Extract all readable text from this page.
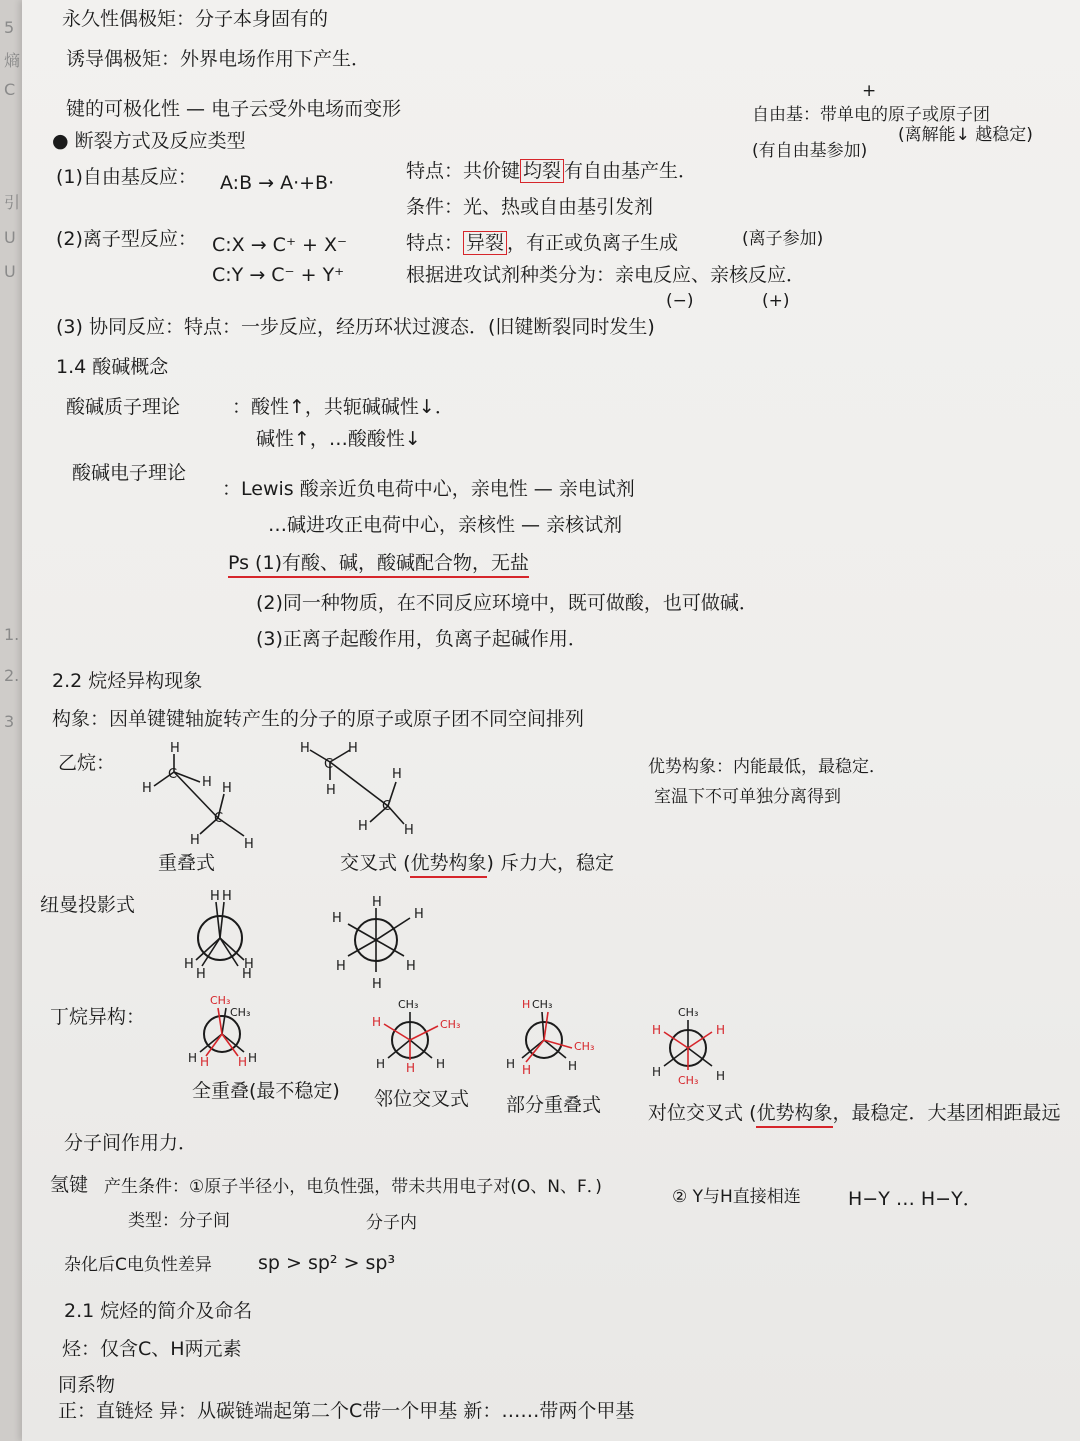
5
熵
C
引
U
U
1.
2.
3
永久性偶极矩：分子本身固有的
诱导偶极矩：外界电场作用下产生．
键的可极化性 — 电子云受外电场而变形
● 断裂方式及反应类型
+
自由基：带单电的原子或原子团
(有自由基参加)
(离解能↓ 越稳定)
(1)自由基反应： A:B → A·+B·
特点：共价键 均裂 有自由基产生．
条件：光、热或自由基引发剂
(2)离子型反应： C:X → C⁺ + X⁻
C:Y → C⁻ + Y⁺
特点： 异裂 ，有正或负离子生成	(离子参加)
根据进攻试剂种类分为：亲电反应、亲核反应．
(−)	(+)
(3) 协同反应：特点：一步反应，经历环状过渡态．(旧键断裂同时发生)
1.4 酸碱概念
酸碱质子理论	：酸性↑，共轭碱碱性↓．
碱性↑，…酸酸性↓
酸碱电子理论
：Lewis 酸亲近负电荷中心，亲电性 — 亲电试剂
…碱进攻正电荷中心，亲核性 — 亲核试剂
Ps (1)有酸、碱，酸碱配合物，无盐
(2)同一种物质，在不同反应环境中，既可做酸，也可做碱．
(3)正离子起酸作用，负离子起碱作用．
2.2 烷烃异构现象
构象：因单键键轴旋转产生的分子的原子或原子团不同空间排列
乙烷：
H
C
H	H H
C
H	H
H	H
C
H
H
C
H	H
重叠式	交叉式 (优势构象) 斥力大，稳定
优势构象：内能最低，最稳定．
室温下不可单独分离得到
纽曼投影式	H H
H
H
H
H
H
H	H
H	H
H
丁烷异构：
CH₃
CH₃
H H H H
CH₃
CH₃
H
H H H
H CH₃
CH₃
H H	H
CH₃
CH₃
H	H
H	H
全重叠(最不稳定) 邻位交叉式 部分重叠式 对位交叉式 (优势构象，最稳定．大基团相距最远
分子间作用力．
氢键 产生条件：①原子半径小，电负性强，带未共用电子对(O、N、F．)	② Y与H直接相连 H−Y … H−Y．
类型：分子间	分子内
杂化后C电负性差异 sp > sp² > sp³
2.1 烷烃的简介及命名
烃：仅含C、H两元素
同系物
正：直链烃 异：从碳链端起第二个C带一个甲基 新：……带两个甲基
